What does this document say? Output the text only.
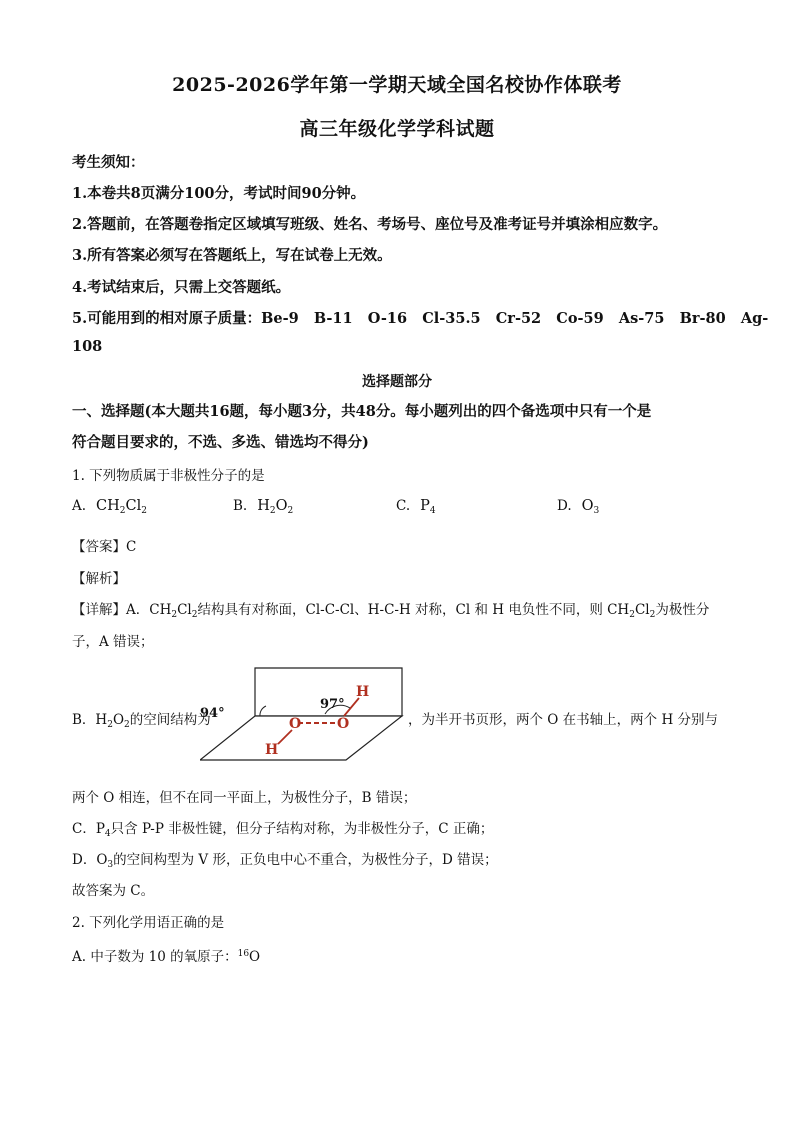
2025-2026学年第一学期天域全国名校协作体联考
高三年级化学学科试题
考生须知：
1.本卷共8页满分100分，考试时间90分钟。
2.答题前，在答题卷指定区域填写班级、姓名、考场号、座位号及准考证号并填涂相应数字。
3.所有答案必须写在答题纸上，写在试卷上无效。
4.考试结束后，只需上交答题纸。
5.可能用到的相对原子质量：Be-9   B-11   O-16   Cl-35.5   Cr-52   Co-59   As-75   Br-80   Ag-
108
选择题部分
一、选择题(本大题共16题，每小题3分，共48分。每小题列出的四个备选项中只有一个是
符合题目要求的，不选、多选、错选均不得分)
1. 下列物质属于非极性分子的是
A. $CH_2Cl_2$	B. $H_2O_2$	C. $P_4$	D. $O_3$
【答案】C
【解析】
【详解】A．$CH_2Cl_2$结构具有对称面，Cl-C-Cl、H-C-H 对称，Cl 和 H 电负性不同，则 $CH_2Cl_2$为极性分
子，A 错误；
B．$H_2O_2$的空间结构为
94°
97°
O	O
H
H
，为半开书页形，两个 O 在书轴上，两个 H 分别与
两个 O 相连，但不在同一平面上，为极性分子，B 错误；
C．$P_4$只含 P-P 非极性键，但分子结构对称，为非极性分子，C 正确；
D．$O_3$的空间构型为 V 形，正负电中心不重合，为极性分子，D 错误；
故答案为 C。
2. 下列化学用语正确的是
A. 中子数为 10 的氧原子：$^{16}$O
